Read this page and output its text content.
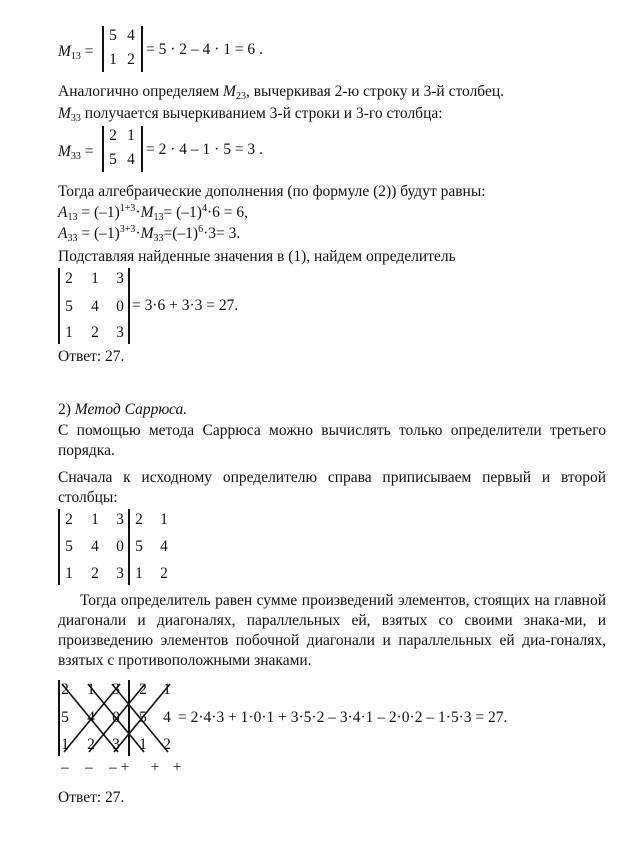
$M_{13}$ =
5 4
1 2
= 5 · 2 – 4 · 1 = 6 .
Аналогично определяем $M_{23}$, вычеркивая 2-ю строку и 3-й столбец.
$M_{33}$ получается вычеркиванием 3-й строки и 3-го столбца:
$M_{33}$ =
2 1
5 4
= 2 · 4 – 1 · 5 = 3 .
Тогда алгебраические дополнения (по формуле (2)) будут равны:
$A_{13} = (-1)^{1+3}\cdot M_{13}= (-1)^4\cdot 6 = 6$,
$A_{33} = (-1)^{3+3}\cdot M_{33}=(-1)^6\cdot 3= 3$.
Подставляя найденные значения в (1), найдем определитель
2	1	3
5	4	0
1	2	3
= 3·6 + 3·3 = 27.
Ответ: 27.
2) Метод Саррюса.
С помощью метода Саррюса можно вычислять только определители третьего порядка.
Сначала к исходному определителю справа приписываем первый и второй столбцы:
2	1	3
5	4	0
1	2	3
2	1
5	4
1	2
Тогда определитель равен сумме произведений элементов, стоящих на главной диагонали и диагоналях, параллельных ей, взятых со своими знака-ми, и произведению элементов побочной диагонали и параллельных ей диа-гоналях, взятых с противоположными знаками.
2	1	3	2	1
5	4	0	5	4
1	2	3	1	2
= 2·4·3 + 1·0·1 + 3·5·2 – 3·4·1 – 2·0·2 – 1·5·3 = 27.
–	–	– + + +
Ответ: 27.
